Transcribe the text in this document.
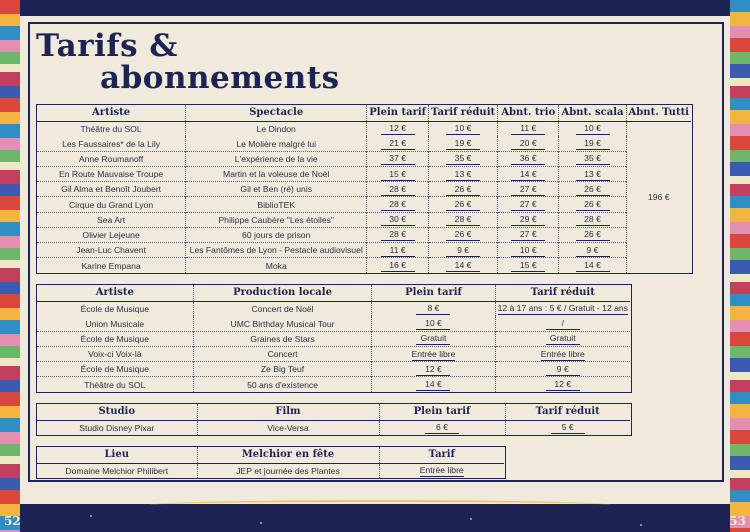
Tarifs &
abonnements
Artiste	Spectacle	Plein tarif	Tarif réduit	Abnt. trio	Abnt. scala	Abnt. Tutti
Théâtre du SOL	Le Dindon	12 €	10 €	11 €	10 €	196 €
Les Faussaires* de la Lily	Le Molière malgré lui	21 €	19 €	20 €	19 €	
Anne Roumanoff	L'expérience de la vie	37 €	35 €	36 €	35 €	
En Route Mauvaise Troupe	Martin et la voleuse de Noël	15 €	13 €	14 €	13 €	
Gil Alma et Benoît Joubert	Gil et Ben (ré) unis	28 €	26 €	27 €	26 €	
Cirque du Grand Lyon	BiblioTEK	28 €	26 €	27 €	26 €	
Sea Art	Philippe Caubère "Les étoiles"	30 €	28 €	29 €	28 €	
Olivier Lejeune	60 jours de prison	28 €	26 €	27 €	26 €	
Jean-Luc Chavent	Les Fantômes de Lyon - Pestacle audiovisuel	11 €	9 €	10 €	9 €	
Karine Empana	Moka	16 €	14 €	15 €	14 €	
Artiste	Production locale	Plein tarif	Tarif réduit
École de Musique	Concert de Noël	8 €	12 à 17 ans : 5 € / Gratuit - 12 ans
Union Musicale	UMC Birthday Musical Tour	10 €	/
École de Musique	Graines de Stars	Gratuit	Gratuit
Voix-ci Voix-là	Concert	Entrée libre	Entrée libre
École de Musique	Ze Big Teuf	12 €	9 €
Théâtre du SOL	50 ans d'existence	14 €	12 €
Studio	Film	Plein tarif	Tarif réduit
Studio Disney Pixar	Vice-Versa	6 €	5 €
Lieu	Melchior en fête	Tarif
Domaine Melchior Philibert	JEP et journée des Plantes	Entrée libre
52	53
